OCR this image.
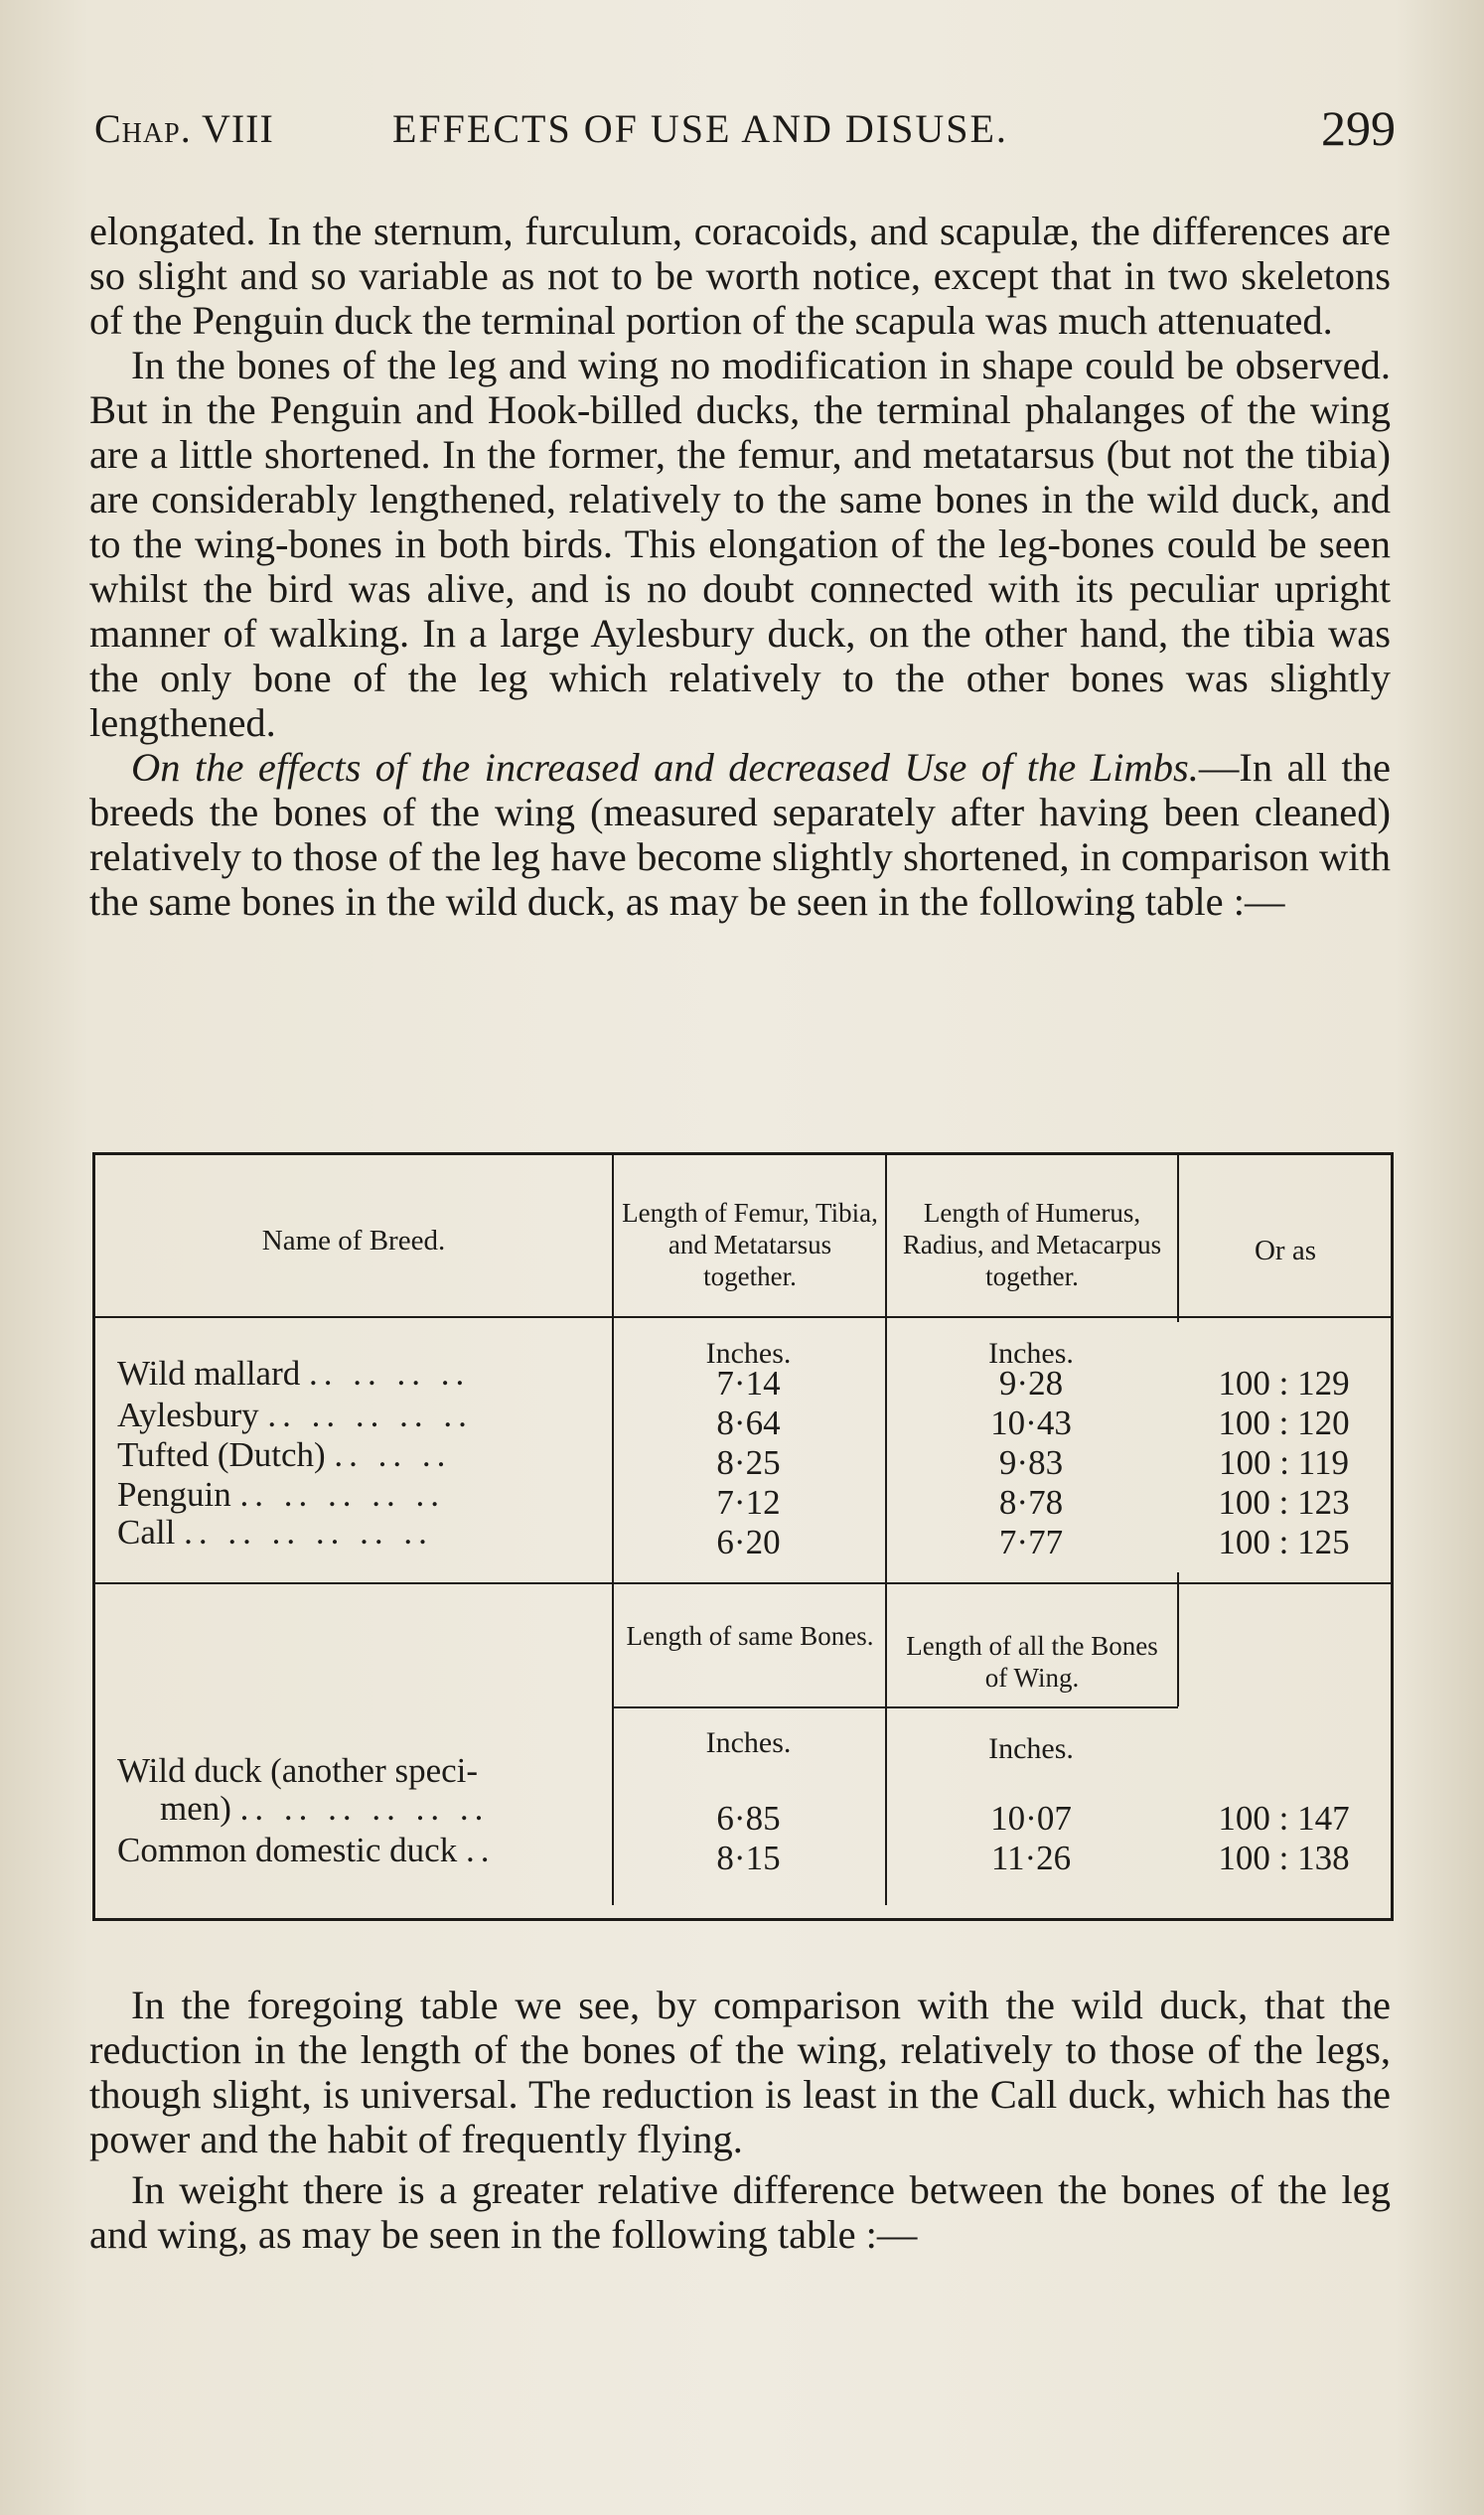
Chap. VIII	EFFECTS OF USE AND DISUSE.	299

elongated. In the sternum, furculum, coracoids, and scapulæ, the differences are so slight and so variable as not to be worth notice, except that in two skeletons of the Penguin duck the terminal portion of the scapula was much attenuated.

In the bones of the leg and wing no modification in shape could be observed. But in the Penguin and Hook-billed ducks, the terminal phalanges of the wing are a little shortened. In the former, the femur, and metatarsus (but not the tibia) are considerably lengthened, relatively to the same bones in the wild duck, and to the wing-bones in both birds. This elongation of the leg-bones could be seen whilst the bird was alive, and is no doubt connected with its peculiar upright manner of walking. In a large Aylesbury duck, on the other hand, the tibia was the only bone of the leg which relatively to the other bones was slightly lengthened.

On the effects of the increased and decreased Use of the Limbs.—In all the breeds the bones of the wing (measured separately after having been cleaned) relatively to those of the leg have become slightly shortened, in comparison with the same bones in the wild duck, as may be seen in the following table :—

Name of Breed.
Length of Femur, Tibia, and Metatarsus together.
Length of Humerus, Radius, and Metacarpus together.
Or as
Inches.	Inches.
Wild mallard .. .. .. ..	7·14	9·28	100 : 129
Aylesbury .. .. .. .. ..	8·64	10·43	100 : 120
Tufted (Dutch) .. .. ..	8·25	9·83	100 : 119
Penguin .. .. .. .. ..	7·12	8·78	100 : 123
Call .. .. .. .. .. ..	6·20	7·77	100 : 125
Length of same Bones.	Length of all the Bones of Wing.
Inches.	Inches.
Wild duck (another speci-
men) .. .. .. .. .. ..	6·85	10·07	100 : 147
Common domestic duck ..	8·15	11·26	100 : 138

In the foregoing table we see, by comparison with the wild duck, that the reduction in the length of the bones of the wing, relatively to those of the legs, though slight, is universal. The reduction is least in the Call duck, which has the power and the habit of frequently flying.

In weight there is a greater relative difference between the bones of the leg and wing, as may be seen in the following table :—
